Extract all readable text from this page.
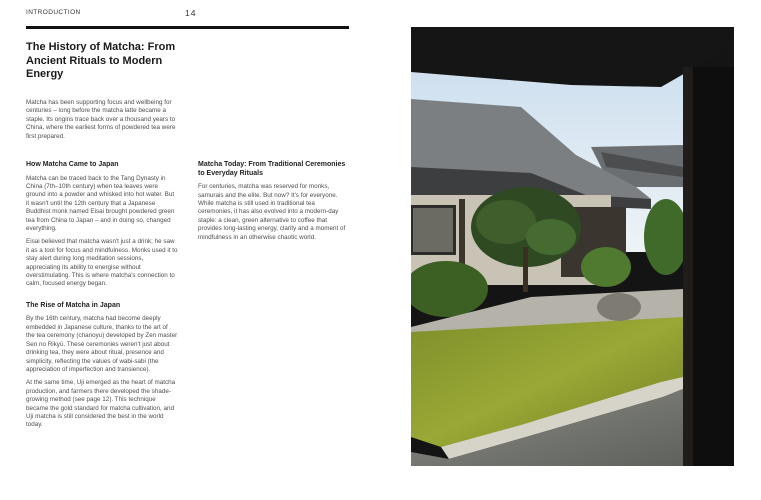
INTRODUCTION	14
The History of Matcha: From Ancient Rituals to Modern Energy

Matcha has been supporting focus and wellbeing for centuries – long before the matcha latte became a staple. Its origins trace back over a thousand years to China, where the earliest forms of powdered tea were first prepared.

How Matcha Came to Japan

Matcha can be traced back to the Tang Dynasty in China (7th–10th century) when tea leaves were ground into a powder and whisked into hot water. But it wasn't until the 12th century that a Japanese Buddhist monk named Eisai brought powdered green tea from China to Japan – and in doing so, changed everything.

Eisai believed that matcha wasn't just a drink; he saw it as a tool for focus and mindfulness. Monks used it to stay alert during long meditation sessions, appreciating its ability to energise without overstimulating. This is where matcha's connection to calm, focused energy began.

The Rise of Matcha in Japan

By the 16th century, matcha had become deeply embedded in Japanese culture, thanks to the art of the tea ceremony (chanoyu) developed by Zen master Sen no Rikyū. These ceremonies weren't just about drinking tea, they were about ritual, presence and simplicity, reflecting the values of wabi-sabi (the appreciation of imperfection and transience).

At the same time, Uji emerged as the heart of matcha production, and farmers there developed the shade-growing method (see page 12). This technique became the gold standard for matcha cultivation, and Uji matcha is still considered the best in the world today.

Matcha Today: From Traditional Ceremonies to Everyday Rituals

For centuries, matcha was reserved for monks, samurais and the elite. But now? It's for everyone. While matcha is still used in traditional tea ceremonies, it has also evolved into a modern-day staple: a clean, green alternative to coffee that provides long-lasting energy, clarity and a moment of mindfulness in an otherwise chaotic world.
